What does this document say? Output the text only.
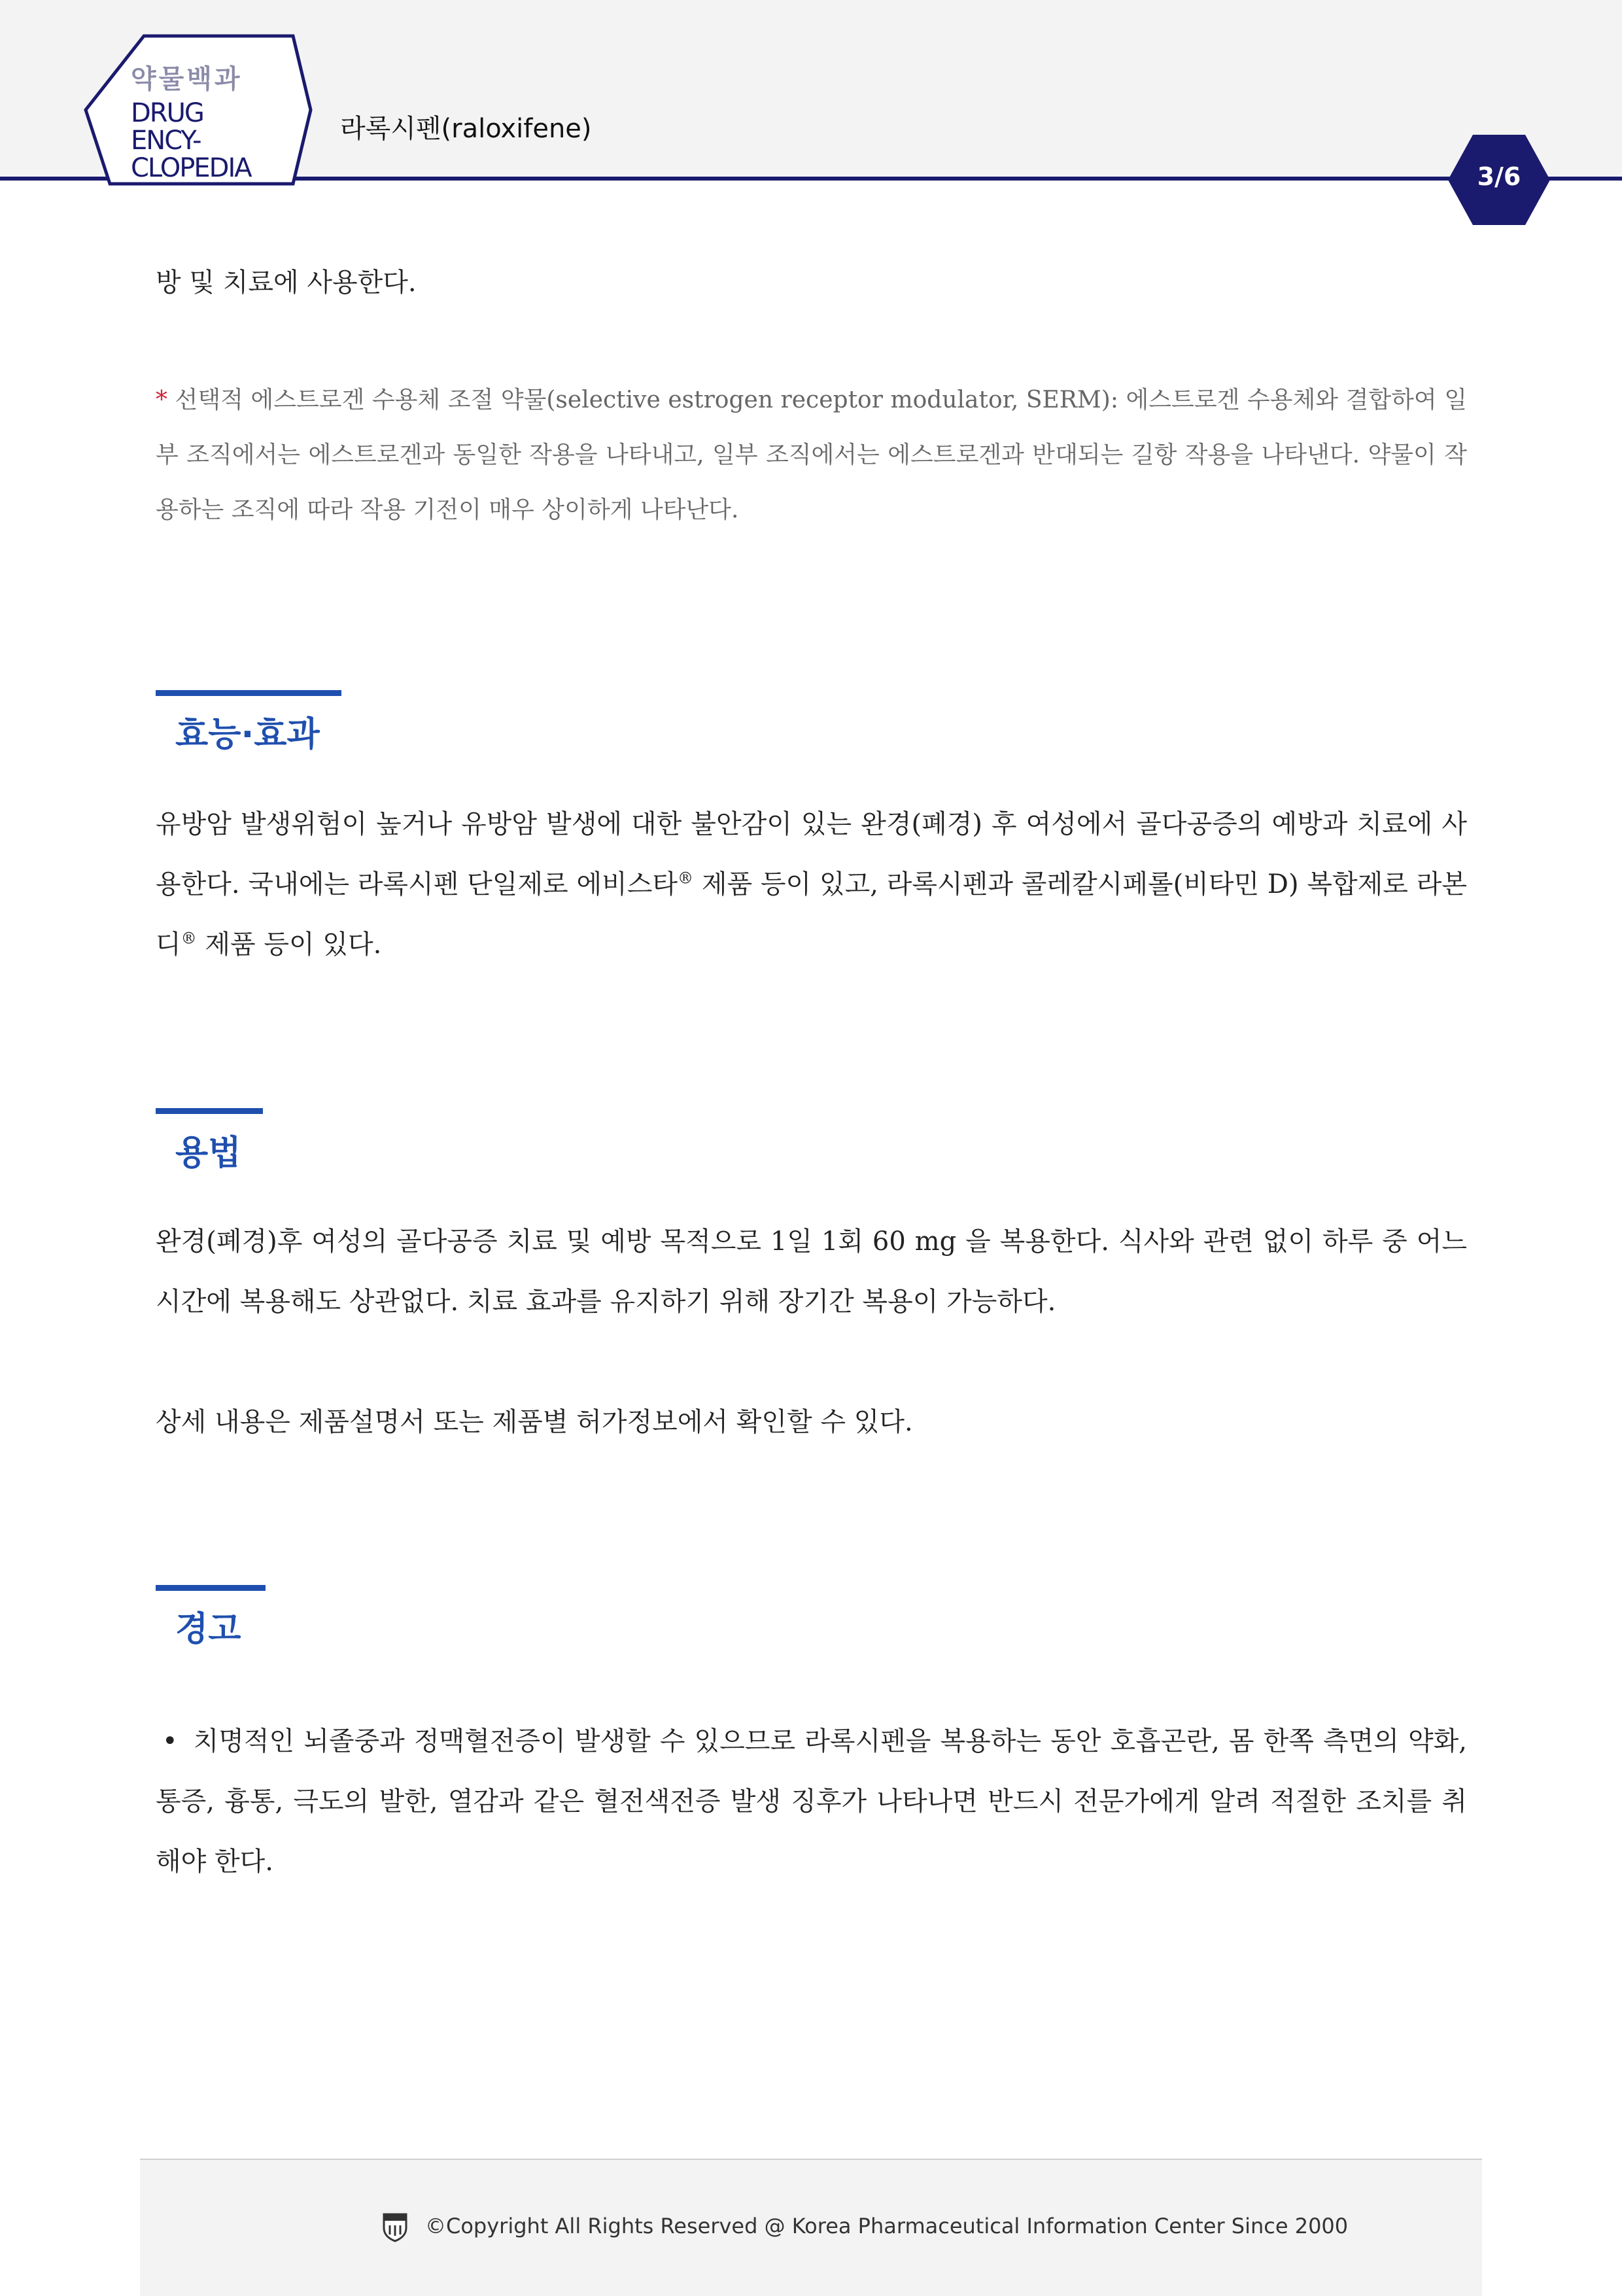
약물백과
DRUG ENCY-
CLOPEDIA
라록시펜(raloxifene)
3/6
방 및 치료에 사용한다.
* 선택적 에스트로겐 수용체 조절 약물(selective estrogen receptor modulator, SERM): 에스트로겐 수용체와 결합하여 일부 조직에서는 에스트로겐과 동일한 작용을 나타내고, 일부 조직에서는 에스트로겐과 반대되는 길항 작용을 나타낸다. 약물이 작용하는 조직에 따라 작용 기전이 매우 상이하게 나타난다.
효능·효과
유방암 발생위험이 높거나 유방암 발생에 대한 불안감이 있는 완경(폐경) 후 여성에서 골다공증의 예방과 치료에 사용한다. 국내에는 라록시펜 단일제로 에비스타® 제품 등이 있고, 라록시펜과 콜레칼시페롤(비타민 D) 복합제로 라본디® 제품 등이 있다.
용법
완경(폐경)후 여성의 골다공증 치료 및 예방 목적으로 1일 1회 60 mg 을 복용한다. 식사와 관련 없이 하루 중 어느 시간에 복용해도 상관없다. 치료 효과를 유지하기 위해 장기간 복용이 가능하다.
상세 내용은 제품설명서 또는 제품별 허가정보에서 확인할 수 있다.
경고
• 치명적인 뇌졸중과 정맥혈전증이 발생할 수 있으므로 라록시펜을 복용하는 동안 호흡곤란, 몸 한쪽 측면의 약화, 통증, 흉통, 극도의 발한, 열감과 같은 혈전색전증 발생 징후가 나타나면 반드시 전문가에게 알려 적절한 조치를 취해야 한다.
©Copyright All Rights Reserved @ Korea Pharmaceutical Information Center Since 2000
